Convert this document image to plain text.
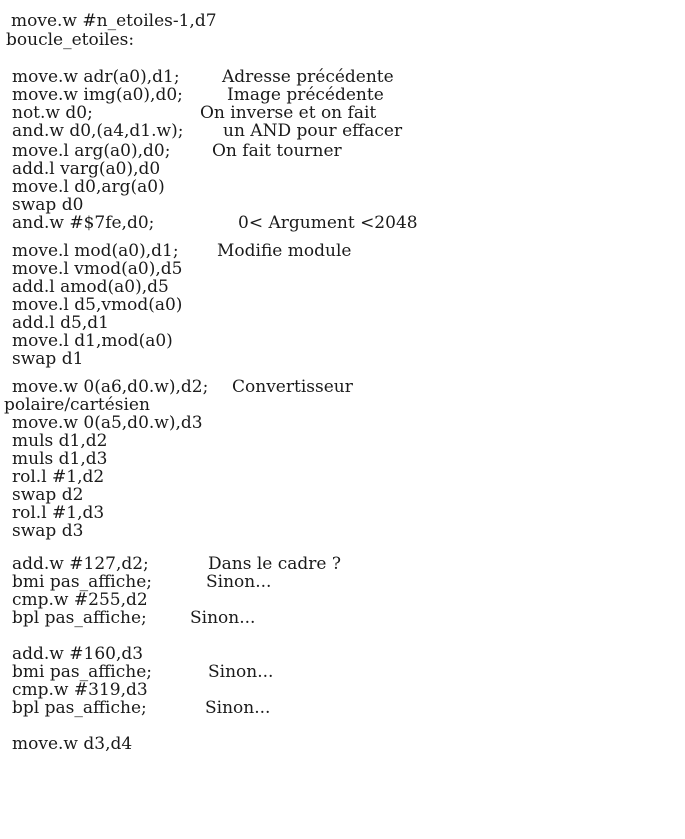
move.w #n_etoiles-1,d7
boucle_etoiles:
move.w adr(a0),d1; Adresse précédente
move.w img(a0),d0;	Image précédente
not.w d0;	On inverse et on fait
and.w d0,(a4,d1.w); un AND pour effacer
move.l arg(a0),d0; On fait tourner
add.l varg(a0),d0
move.l d0,arg(a0)
swap d0
and.w #$7fe,d0;	0< Argument <2048
move.l mod(a0),d1; Modifie module
move.l vmod(a0),d5
add.l amod(a0),d5
move.l d5,vmod(a0)
add.l d5,d1
move.l d1,mod(a0)
swap d1
move.w 0(a6,d0.w),d2; Convertisseur
polaire/cartésien
move.w 0(a5,d0.w),d3
muls d1,d2
muls d1,d3
rol.l #1,d2
swap d2
rol.l #1,d3
swap d3
add.w #127,d2;	Dans le cadre ?
bmi pas_affiche;	Sinon...
cmp.w #255,d2
bpl pas_affiche;	Sinon...
add.w #160,d3
bmi pas_affiche;	Sinon...
cmp.w #319,d3
bpl pas_affiche;	Sinon...
move.w d3,d4
